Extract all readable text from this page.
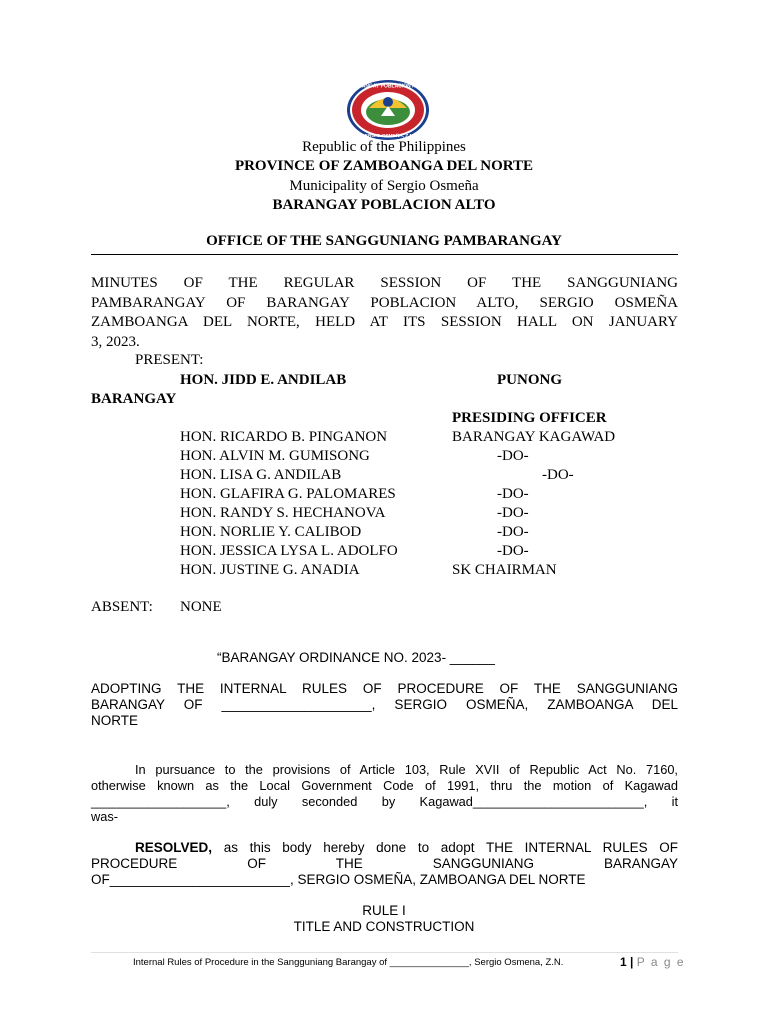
BARANGAY POBLACION ALTO
SERGIO OSMEÑA, Z.N.
Republic of the Philippines
PROVINCE OF ZAMBOANGA DEL NORTE
Municipality of Sergio Osmeña
BARANGAY POBLACION ALTO
OFFICE OF THE SANGGUNIANG PAMBARANGAY
MINUTES OF THE REGULAR SESSION OF THE SANGGUNIANG
PAMBARANGAY OF BARANGAY POBLACION ALTO, SERGIO OSMEÑA
ZAMBOANGA DEL NORTE, HELD AT ITS SESSION HALL ON JANUARY
3, 2023.
PRESENT:
HON. JIDD E. ANDILAB	PUNONG
BARANGAY
PRESIDING OFFICER
HON. RICARDO B. PINGANON	BARANGAY KAGAWAD
HON. ALVIN M. GUMISONG	-DO-
HON. LISA G. ANDILAB	-DO-
HON. GLAFIRA G. PALOMARES	-DO-
HON. RANDY S. HECHANOVA	-DO-
HON. NORLIE Y. CALIBOD	-DO-
HON. JESSICA LYSA L. ADOLFO	-DO-
HON. JUSTINE G. ANADIA	SK CHAIRMAN
ABSENT: NONE
“BARANGAY ORDINANCE NO. 2023- ______
ADOPTING THE INTERNAL RULES OF PROCEDURE OF THE SANGGUNIANG
BARANGAY OF ____________________, SERGIO OSMEÑA, ZAMBOANGA DEL
NORTE
In pursuance to the provisions of Article 103, Rule XVII of Republic Act No. 7160,
otherwise known as the Local Government Code of 1991, thru the motion of Kagawad
___________________, duly seconded by Kagawad________________________, it
was-
RESOLVED, as this body hereby done to adopt THE INTERNAL RULES OF
PROCEDURE OF THE SANGGUNIANG BARANGAY
OF________________________, SERGIO OSMEÑA, ZAMBOANGA DEL NORTE
RULE I
TITLE AND CONSTRUCTION
Internal Rules of Procedure in the Sangguniang Barangay of _______________, Sergio Osmena, Z.N.	1 | P a g e
